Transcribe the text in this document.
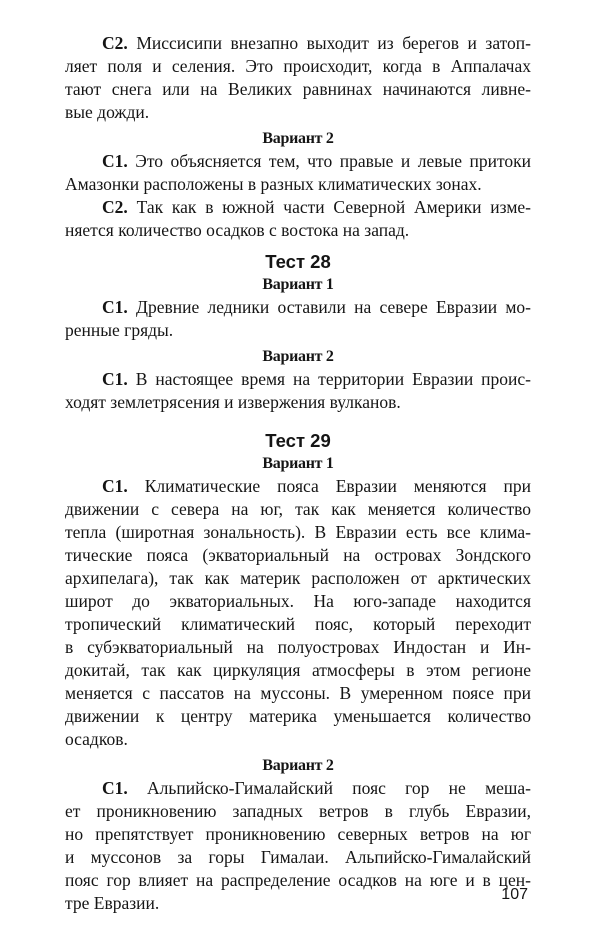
C2. Миссисипи внезапно выходит из берегов и затоп-
ляет поля и селения. Это происходит, когда в Аппалачах
тают снега или на Великих равнинах начинаются ливне-
вые дожди.
Вариант 2
C1. Это объясняется тем, что правые и левые притоки
Амазонки расположены в разных климатических зонах.
C2. Так как в южной части Северной Америки изме-
няется количество осадков с востока на запад.
Тест 28
Вариант 1
C1. Древние ледники оставили на севере Евразии мо-
ренные гряды.
Вариант 2
C1. В настоящее время на территории Евразии проис-
ходят землетрясения и извержения вулканов.
Тест 29
Вариант 1
C1. Климатические пояса Евразии меняются при
движении с севера на юг, так как меняется количество
тепла (широтная зональность). В Евразии есть все клима-
тические пояса (экваториальный на островах Зондского
архипелага), так как материк расположен от арктических
широт до экваториальных. На юго-западе находится
тропический климатический пояс, который переходит
в субэкваториальный на полуостровах Индостан и Ин-
докитай, так как циркуляция атмосферы в этом регионе
меняется с пассатов на муссоны. В умеренном поясе при
движении к центру материка уменьшается количество
осадков.
Вариант 2
C1. Альпийско-Гималайский пояс гор не меша-
ет проникновению западных ветров в глубь Евразии,
но препятствует проникновению северных ветров на юг
и муссонов за горы Гималаи. Альпийско-Гималайский
пояс гор влияет на распределение осадков на юге и в цен-
тре Евразии.	107
